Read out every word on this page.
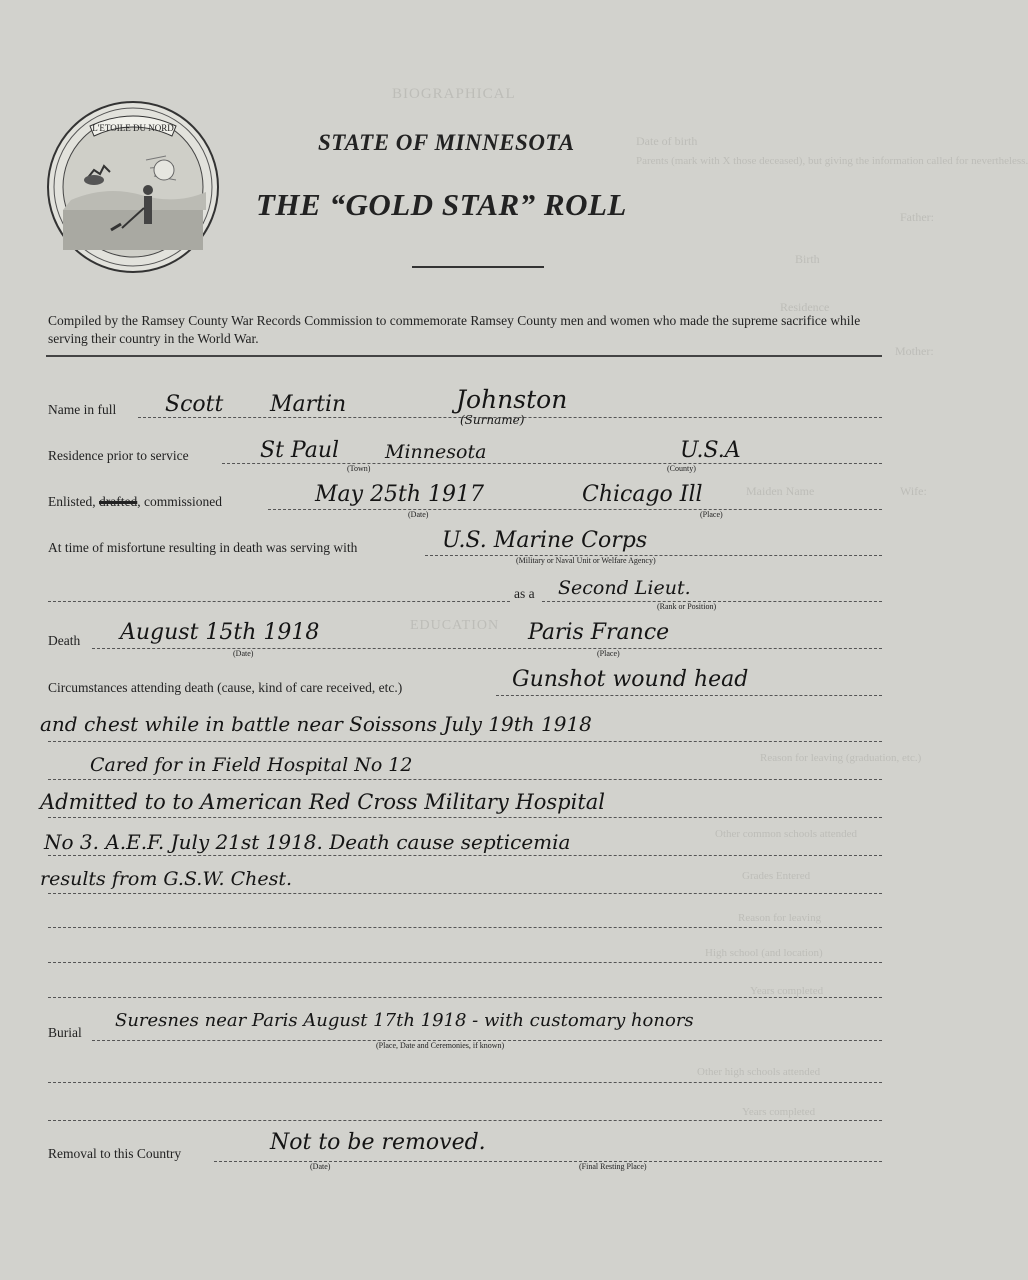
BIOGRAPHICAL
Date of birth
Parents (mark with X those deceased), but giving the information called for nevertheless.
Father:
Birth
Residence
Mother:
Wife:
Maiden Name
EDUCATION
Reason for leaving (graduation, etc.)
Other common schools attended
Grades Entered
Reason for leaving
High school (and location)
Years completed
Other high schools attended
Years completed
L'ETOILE DU NORD
STATE OF MINNESOTA
THE “GOLD STAR” ROLL
Compiled by the Ramsey County War Records Commission to commemorate Ramsey County men and women who made the supreme sacrifice while serving their country in the World War.
Name in full Scott Martin	Johnston
(Surname)
Residence prior to service	St Paul Minnesota	U.S.A
(Town)	(County)
Enlisted, drafted, commissioned	May 25th 1917	Chicago Ill
(Date)	(Place)
At time of misfortune resulting in death was serving with	U.S. Marine Corps
(Military or Naval Unit or Welfare Agency)
as a Second Lieut.
(Rank or Position)
Death August 15th 1918	Paris France
(Date)	(Place)
Circumstances attending death (cause, kind of care received, etc.)	Gunshot wound head
and chest while in battle near Soissons July 19th 1918
Cared for in Field Hospital No 12
Admitted to to American Red Cross Military Hospital
No 3. A.E.F. July 21st 1918. Death cause septicemia
results from G.S.W. Chest.
Burial
Suresnes near Paris August 17th 1918 - with customary honors
(Place, Date and Ceremonies, if known)
Removal to this Country	Not to be removed.
(Date)	(Final Resting Place)
